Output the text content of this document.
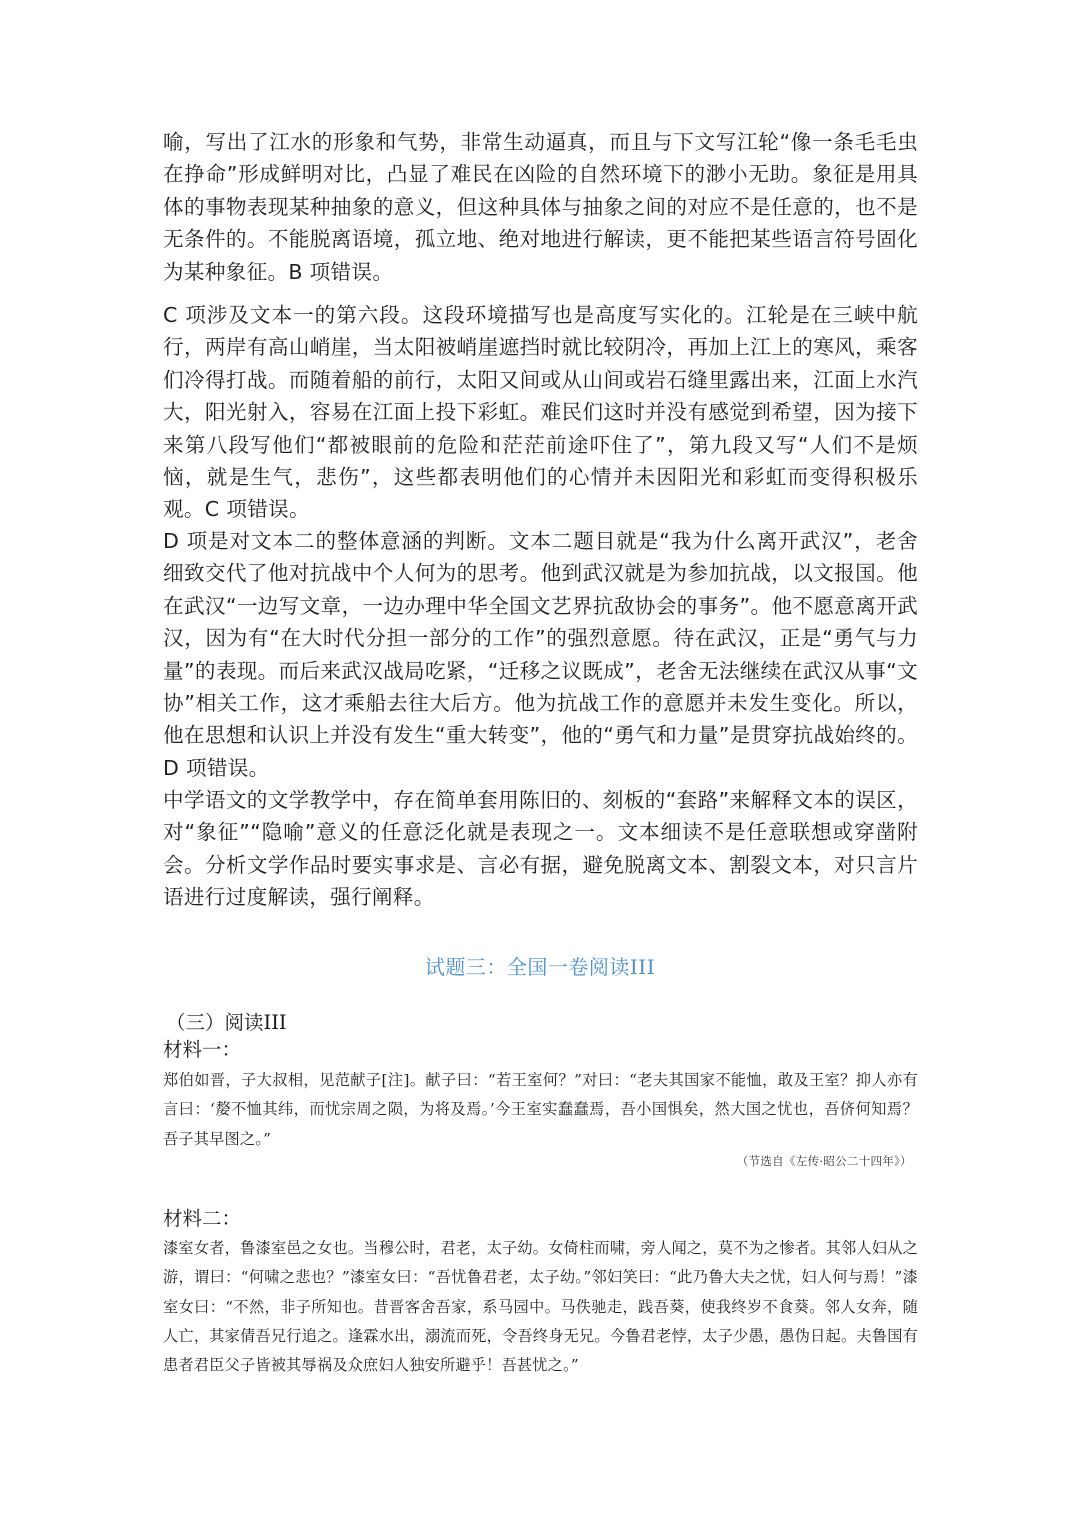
喻，写出了江水的形象和气势，非常生动逼真，而且与下文写江轮“像一条毛毛虫在挣命”形成鲜明对比，凸显了难民在凶险的自然环境下的渺小无助。象征是用具体的事物表现某种抽象的意义，但这种具体与抽象之间的对应不是任意的，也不是无条件的。不能脱离语境，孤立地、绝对地进行解读，更不能把某些语言符号固化为某种象征。B 项错误。

C 项涉及文本一的第六段。这段环境描写也是高度写实化的。江轮是在三峡中航行，两岸有高山峭崖，当太阳被峭崖遮挡时就比较阴冷，再加上江上的寒风，乘客们冷得打战。而随着船的前行，太阳又间或从山间或岩石缝里露出来，江面上水汽大，阳光射入，容易在江面上投下彩虹。难民们这时并没有感觉到希望，因为接下来第八段写他们“都被眼前的危险和茫茫前途吓住了”，第九段又写“人们不是烦恼，就是生气，悲伤”，这些都表明他们的心情并未因阳光和彩虹而变得积极乐观。C 项错误。

D 项是对文本二的整体意涵的判断。文本二题目就是“我为什么离开武汉”，老舍细致交代了他对抗战中个人何为的思考。他到武汉就是为参加抗战，以文报国。他在武汉“一边写文章，一边办理中华全国文艺界抗敌协会的事务”。他不愿意离开武汉，因为有“在大时代分担一部分的工作”的强烈意愿。待在武汉，正是“勇气与力量”的表现。而后来武汉战局吃紧，“迁移之议既成”，老舍无法继续在武汉从事“文协”相关工作，这才乘船去往大后方。他为抗战工作的意愿并未发生变化。所以，他在思想和认识上并没有发生“重大转变”，他的“勇气和力量”是贯穿抗战始终的。D 项错误。

中学语文的文学教学中，存在简单套用陈旧的、刻板的“套路”来解释文本的误区，对“象征”“隐喻”意义的任意泛化就是表现之一。文本细读不是任意联想或穿凿附会。分析文学作品时要实事求是、言必有据，避免脱离文本、割裂文本，对只言片语进行过度解读，强行阐释。

试题三：全国一卷阅读III
（三）阅读III
材料一：

郑伯如晋，子大叔相，见范献子[注]。献子曰：“若王室何？”对曰：“老夫其国家不能恤，敢及王室？抑人亦有言曰：‘嫠不恤其纬，而忧宗周之陨，为将及焉。’今王室实蠢蠢焉，吾小国惧矣，然大国之忧也，吾侪何知焉？吾子其早图之。”

（节选自《左传·昭公二十四年》）

材料二：

漆室女者，鲁漆室邑之女也。当穆公时，君老，太子幼。女倚柱而啸，旁人闻之，莫不为之惨者。其邻人妇从之游，谓曰：“何啸之悲也？”漆室女曰：“吾忧鲁君老，太子幼。”邻妇笑曰：“此乃鲁大夫之忧，妇人何与焉！”漆室女曰：“不然，非子所知也。昔晋客舍吾家，系马园中。马佚驰走，践吾葵，使我终岁不食葵。邻人女奔，随人亡，其家倩吾兄行追之。逢霖水出，溺流而死，令吾终身无兄。今鲁君老悖，太子少愚，愚伪日起。夫鲁国有患者君臣父子皆被其辱祸及众庶妇人独安所避乎！吾甚忧之。”
